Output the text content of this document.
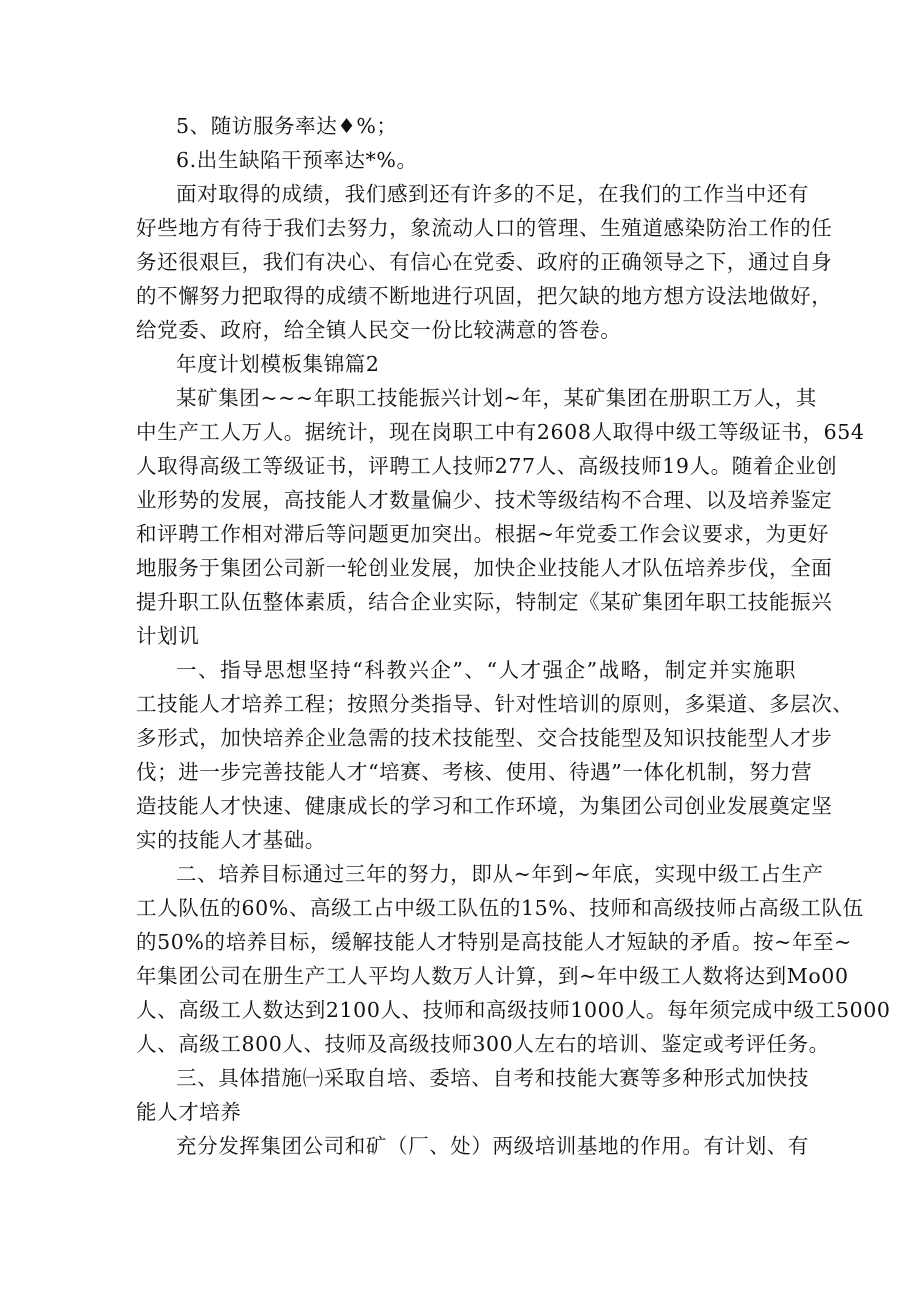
5、随访服务率达♦%；
6.出生缺陷干预率达*%。
面对取得的成绩，我们感到还有许多的不足，在我们的工作当中还有
好些地方有待于我们去努力，象流动人口的管理、生殖道感染防治工作的任
务还很艰巨，我们有决心、有信心在党委、政府的正确领导之下，通过自身
的不懈努力把取得的成绩不断地进行巩固，把欠缺的地方想方设法地做好，
给党委、政府，给全镇人民交一份比较满意的答卷。
年度计划模板集锦篇2
某矿集团~~~年职工技能振兴计划~年，某矿集团在册职工万人，其
中生产工人万人。据统计，现在岗职工中有2608人取得中级工等级证书，654
人取得高级工等级证书，评聘工人技师277人、高级技师19人。随着企业创
业形势的发展，高技能人才数量偏少、技术等级结构不合理、以及培养鉴定
和评聘工作相对滞后等问题更加突出。根据~年党委工作会议要求，为更好
地服务于集团公司新一轮创业发展，加快企业技能人才队伍培养步伐，全面
提升职工队伍整体素质，结合企业实际，特制定《某矿集团年职工技能振兴
计划讥
一、指导思想坚持“科教兴企”、“人才强企”战略，制定并实施职
工技能人才培养工程；按照分类指导、针对性培训的原则，多渠道、多层次、
多形式，加快培养企业急需的技术技能型、交合技能型及知识技能型人才步
伐；进一步完善技能人才“培赛、考核、使用、待遇”一体化机制，努力营
造技能人才快速、健康成长的学习和工作环境，为集团公司创业发展奠定坚
实的技能人才基础。
二、培养目标通过三年的努力，即从~年到~年底，实现中级工占生产
工人队伍的60%、高级工占中级工队伍的15%、技师和高级技师占高级工队伍
的50%的培养目标，缓解技能人才特别是高技能人才短缺的矛盾。按~年至~
年集团公司在册生产工人平均人数万人计算，到~年中级工人数将达到Mo00
人、高级工人数达到2100人、技师和高级技师1000人。每年须完成中级工5000
人、高级工800人、技师及高级技师300人左右的培训、鉴定或考评任务。
三、具体措施㈠采取自培、委培、自考和技能大赛等多种形式加快技
能人才培养
充分发挥集团公司和矿（厂、处）两级培训基地的作用。有计划、有
